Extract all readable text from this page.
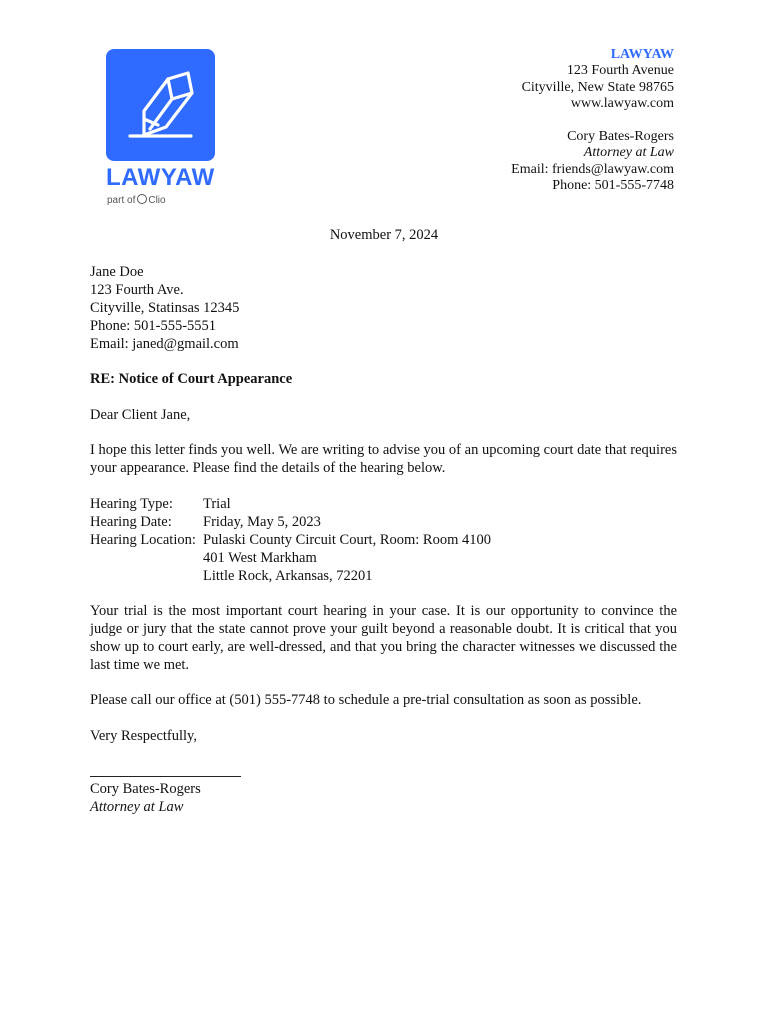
LAWYAW
part of Clio
LAWYAW
123 Fourth Avenue
Cityville, New State 98765
www.lawyaw.com
Cory Bates-Rogers
Attorney at Law
Email: friends@lawyaw.com
Phone: 501-555-7748
November 7, 2024
Jane Doe
123 Fourth Ave.
Cityville, Statinsas 12345
Phone: 501-555-5551
Email: janed@gmail.com
RE: Notice of Court Appearance
Dear Client Jane,
I hope this letter finds you well. We are writing to advise you of an upcoming court date that requires your appearance. Please find the details of the hearing below.
Hearing Type:	Trial
Hearing Date:	Friday, May 5, 2023
Hearing Location: Pulaski County Circuit Court, Room: Room 4100
401 West Markham
Little Rock, Arkansas, 72201
Your trial is the most important court hearing in your case. It is our opportunity to convince the judge or jury that the state cannot prove your guilt beyond a reasonable doubt. It is critical that you show up to court early, are well-dressed, and that you bring the character witnesses we discussed the last time we met.
Please call our office at (501) 555-7748 to schedule a pre-trial consultation as soon as possible.
Very Respectfully,
Cory Bates-Rogers
Attorney at Law
